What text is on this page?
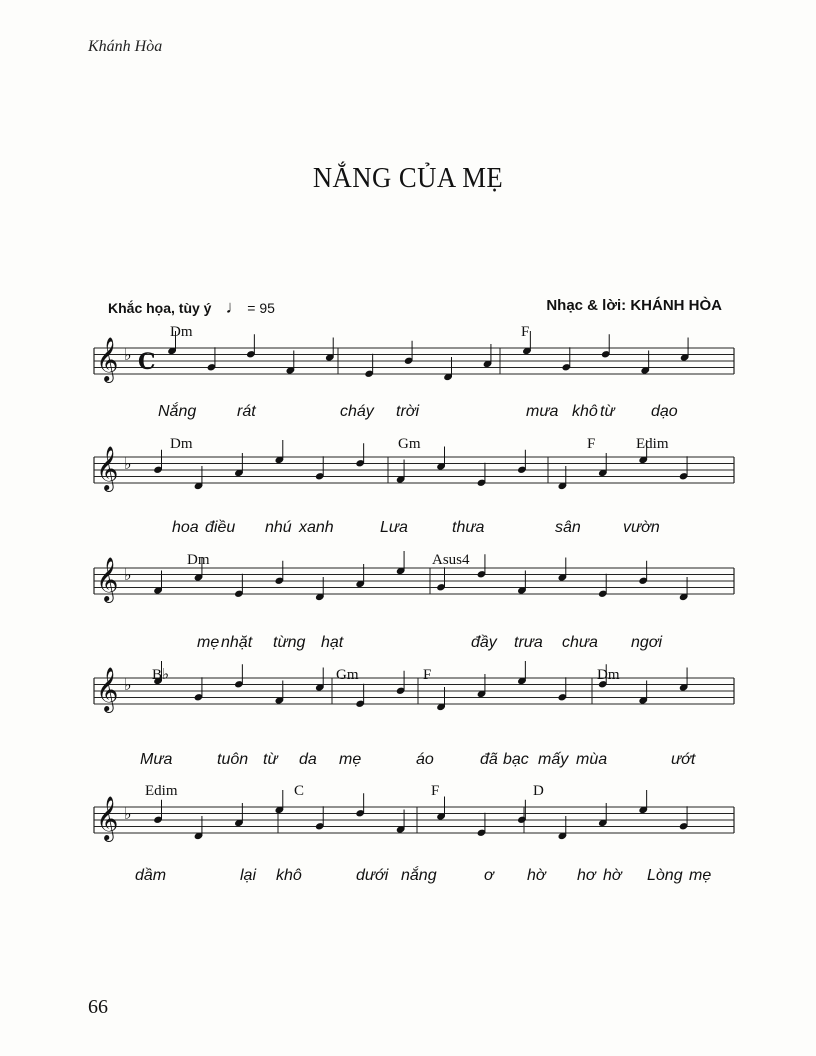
Khánh Hòa
NẮNG CỦA MẸ
Khắc họa, tùy ý ♩ = 95	Nhạc & lời: KHÁNH HÒA
𝄞 ♭ C
Dm	F
Nắng	rát	cháy trời	mưa khô từ dạo
𝄞 ♭
Dm	Gm	F	Edim
hoa điều nhú xanh	Lưa	thưa	sân	vườn
𝄞 ♭
Dm	Asus4
mẹ nhặt từng hạt	đầy trưa chưa ngơi
𝄞 ♭ B♭	Gm	F	Dm
Mưa	tuôn từ da mẹ	áo	đã bạc mấy mùa	ướt
𝄞 ♭
Edim	C	F	D
dầm	lại khô	dưới nắng	ơ hờ hơ hờ Lòng mẹ
66
